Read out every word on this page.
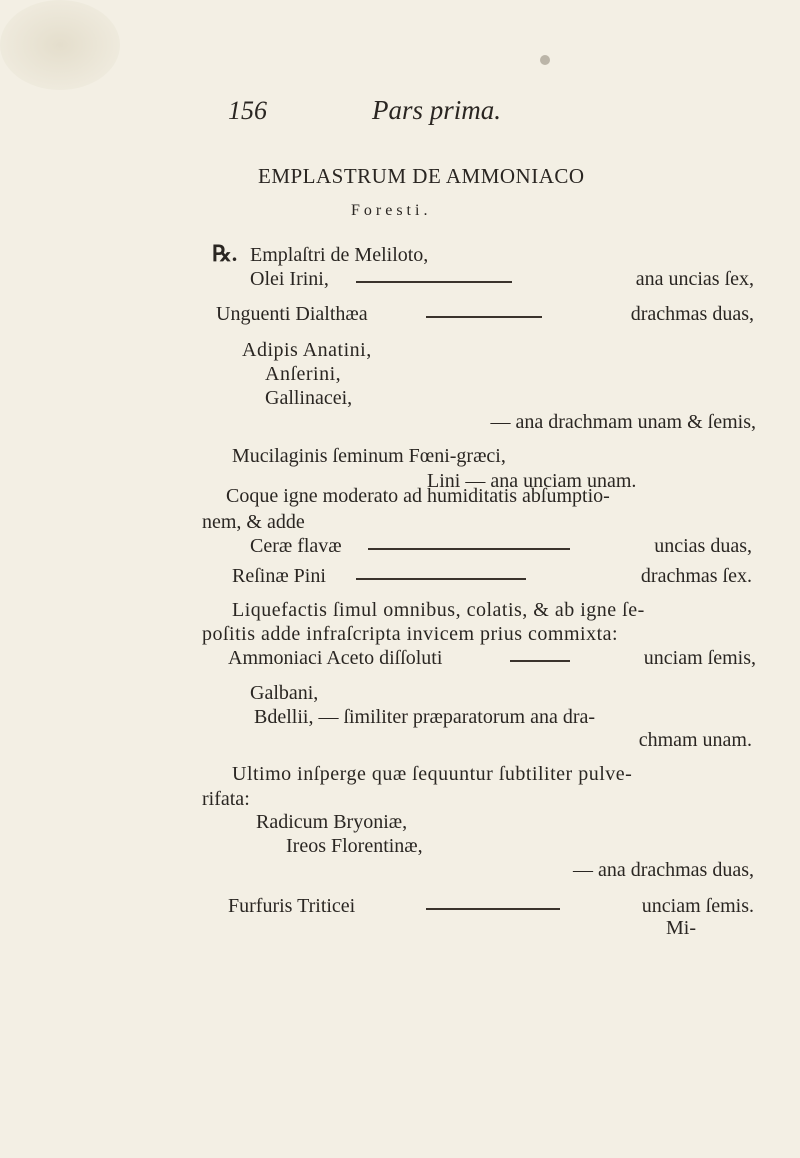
156	Pars prima.
EMPLASTRUM DE AMMONIACO
Foresti.
℞. Emplaſtri de Meliloto,
Olei Irini,	ana uncias ſex,
Unguenti Dialthæa	drachmas duas,
Adipis Anatini,
Anſerini,
Gallinacei,
— ana drachmam unam & ſemis,
Mucilaginis ſeminum Fœni-græci,
Lini — ana unciam unam.
Coque igne moderato ad humiditatis abſumptio-
nem, & adde
Ceræ flavæ	uncias duas,
Reſinæ Pini	drachmas ſex.
Liquefactis ſimul omnibus, colatis, & ab igne ſe-
poſitis adde infraſcripta invicem prius commixta:
Ammoniaci Aceto diſſoluti	unciam ſemis,
Galbani,
Bdellii, — ſimiliter præparatorum ana dra-
chmam unam.
Ultimo inſperge quæ ſequuntur ſubtiliter pulve-
rifata:
Radicum Bryoniæ,
Ireos Florentinæ,
— ana drachmas duas,
Furfuris Triticei	unciam ſemis.
Mi-
